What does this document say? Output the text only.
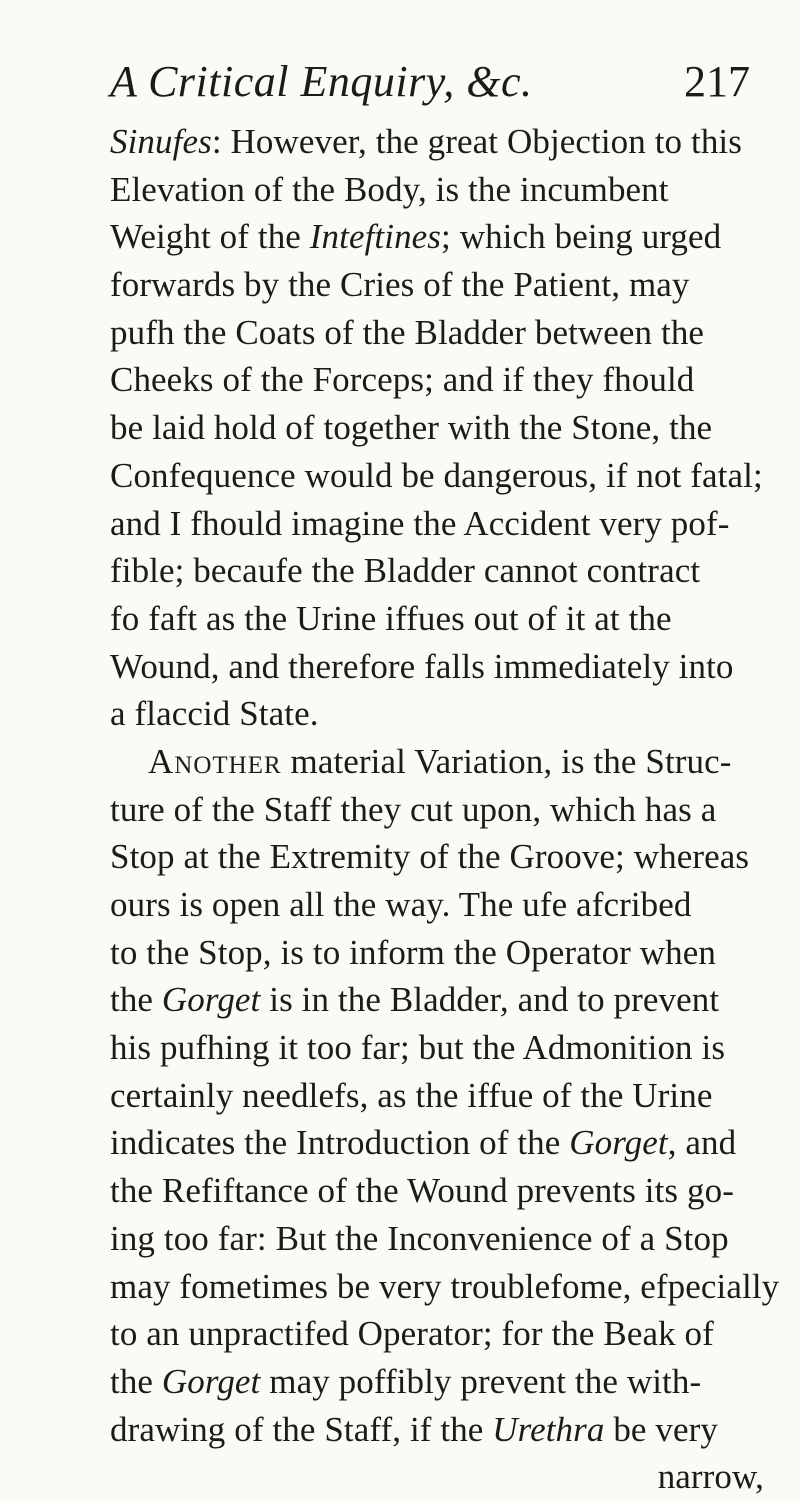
A Critical Enquiry, &c.	217
Sinufes: However, the great Objection to this
Elevation of the Body, is the incumbent
Weight of the Inteftines; which being urged
forwards by the Cries of the Patient, may
pufh the Coats of the Bladder between the
Cheeks of the Forceps; and if they fhould
be laid hold of together with the Stone, the
Confequence would be dangerous, if not fatal;
and I fhould imagine the Accident very pof-
fible; becaufe the Bladder cannot contract
fo faft as the Urine iffues out of it at the
Wound, and therefore falls immediately into
a flaccid State.
Another material Variation, is the Struc-
ture of the Staff they cut upon, which has a
Stop at the Extremity of the Groove; whereas
ours is open all the way. The ufe afcribed
to the Stop, is to inform the Operator when
the Gorget is in the Bladder, and to prevent
his pufhing it too far; but the Admonition is
certainly needlefs, as the iffue of the Urine
indicates the Introduction of the Gorget, and
the Refiftance of the Wound prevents its go-
ing too far: But the Inconvenience of a Stop
may fometimes be very troublefome, efpecially
to an unpractifed Operator; for the Beak of
the Gorget may poffibly prevent the with-
drawing of the Staff, if the Urethra be very
narrow,
